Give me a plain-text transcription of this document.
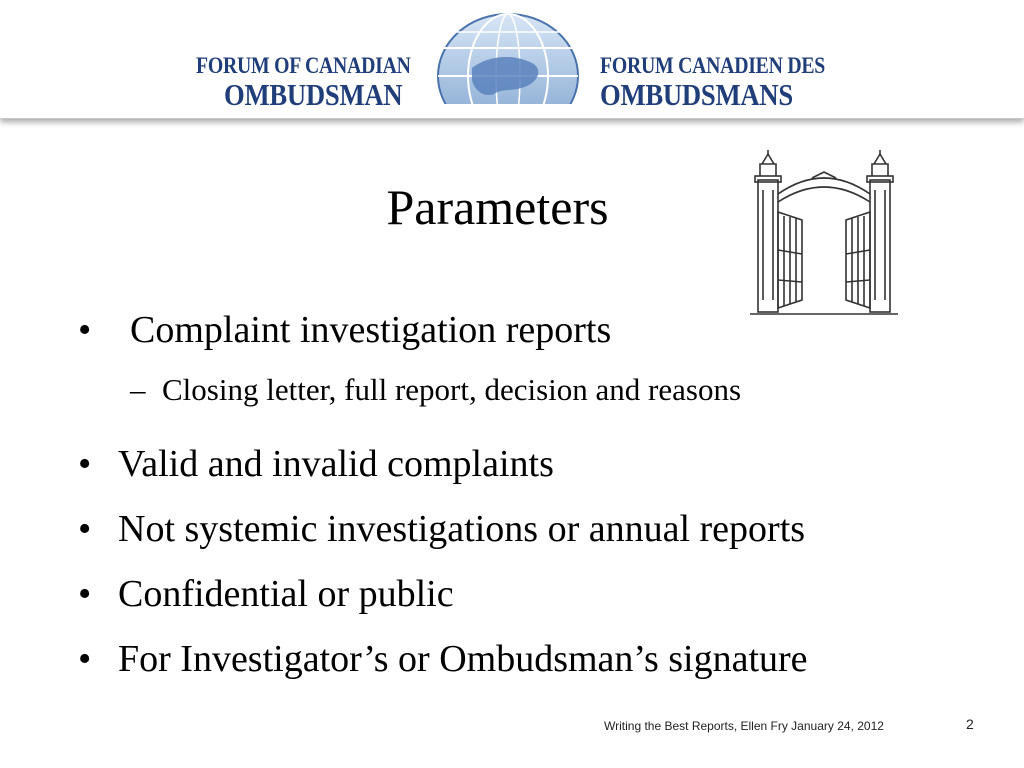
FORUM OF CANADIAN
OMBUDSMAN
FORUM CANADIEN DES
OMBUDSMANS
Parameters
• Complaint investigation reports
– Closing letter, full report, decision and reasons
• Valid and invalid complaints
• Not systemic investigations or annual reports
• Confidential or public
• For Investigator’s or Ombudsman’s signature
Writing the Best Reports, Ellen Fry January 24, 2012	2
